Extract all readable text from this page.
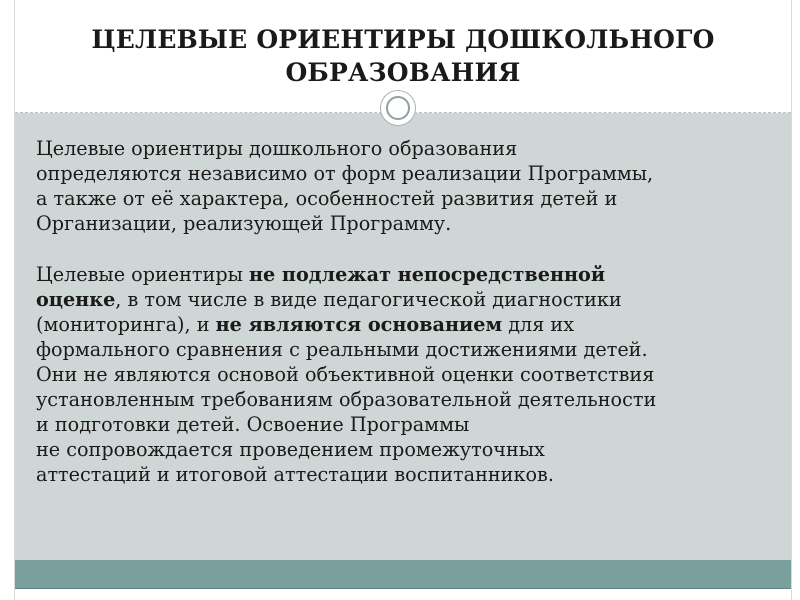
ЦЕЛЕВЫЕ ОРИЕНТИРЫ ДОШКОЛЬНОГО
ОБРАЗОВАНИЯ

Целевые ориентиры дошкольного образования
определяются независимо от форм реализации Программы,
а также от её характера, особенностей развития детей и
Организации, реализующей Программу.

Целевые ориентиры не подлежат непосредственной
оценке, в том числе в виде педагогической диагностики
(мониторинга), и не являются основанием для их
формального сравнения с реальными достижениями детей.
Они не являются основой объективной оценки соответствия
установленным требованиям образовательной деятельности
и подготовки детей. Освоение Программы
не сопровождается проведением промежуточных
аттестаций и итоговой аттестации воспитанников.
